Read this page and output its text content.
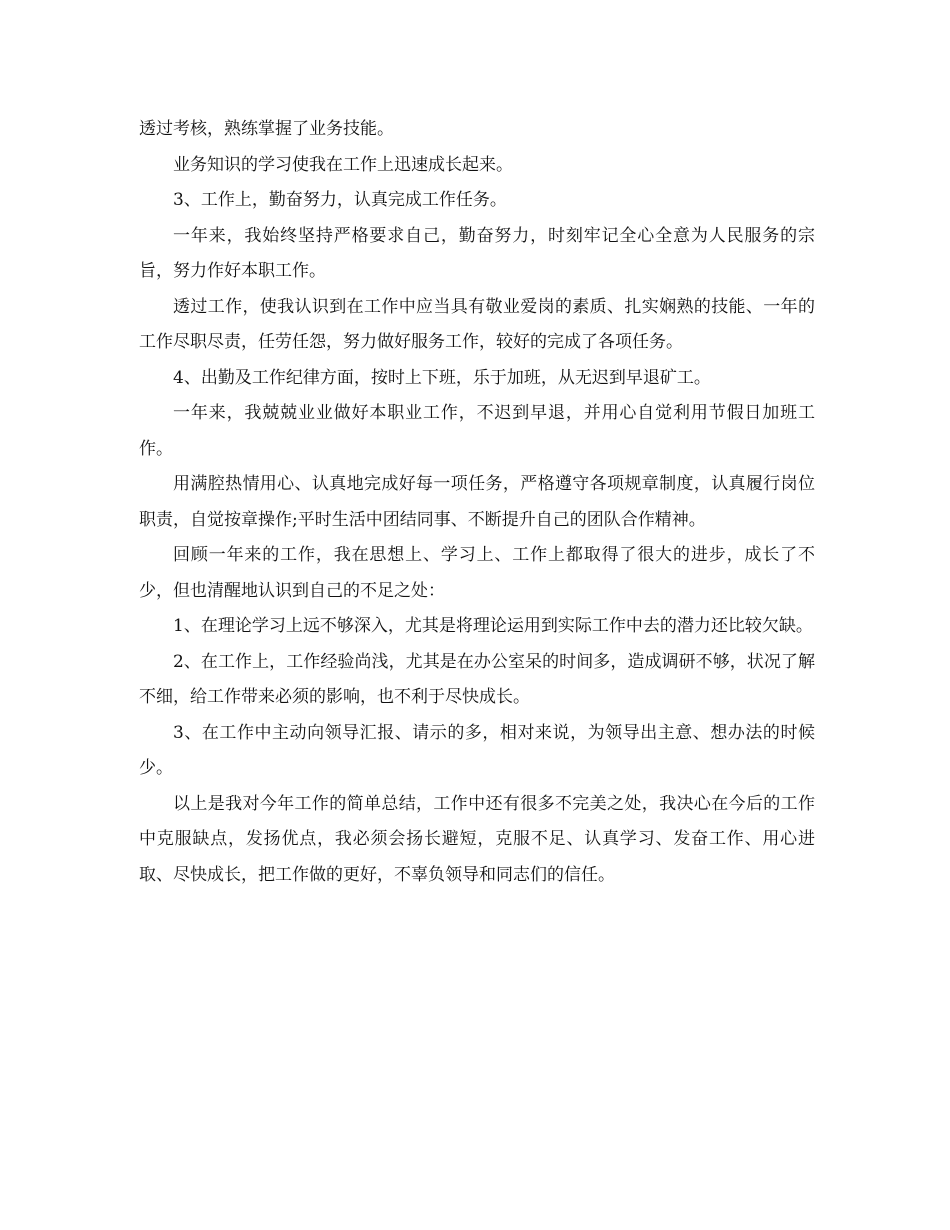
透过考核，熟练掌握了业务技能。

业务知识的学习使我在工作上迅速成长起来。

3、工作上，勤奋努力，认真完成工作任务。

一年来，我始终坚持严格要求自己，勤奋努力，时刻牢记全心全意为人民服务的宗旨，努力作好本职工作。

透过工作，使我认识到在工作中应当具有敬业爱岗的素质、扎实娴熟的技能、一年的工作尽职尽责，任劳任怨，努力做好服务工作，较好的完成了各项任务。

4、出勤及工作纪律方面，按时上下班，乐于加班，从无迟到早退矿工。

一年来，我兢兢业业做好本职业工作，不迟到早退，并用心自觉利用节假日加班工作。

用满腔热情用心、认真地完成好每一项任务，严格遵守各项规章制度，认真履行岗位职责，自觉按章操作;平时生活中团结同事、不断提升自己的团队合作精神。

回顾一年来的工作，我在思想上、学习上、工作上都取得了很大的进步，成长了不少，但也清醒地认识到自己的不足之处：

1、在理论学习上远不够深入，尤其是将理论运用到实际工作中去的潜力还比较欠缺。

2、在工作上，工作经验尚浅，尤其是在办公室呆的时间多，造成调研不够，状况了解不细，给工作带来必须的影响，也不利于尽快成长。

3、在工作中主动向领导汇报、请示的多，相对来说，为领导出主意、想办法的时候少。

以上是我对今年工作的简单总结，工作中还有很多不完美之处，我决心在今后的工作中克服缺点，发扬优点，我必须会扬长避短，克服不足、认真学习、发奋工作、用心进取、尽快成长，把工作做的更好，不辜负领导和同志们的信任。
